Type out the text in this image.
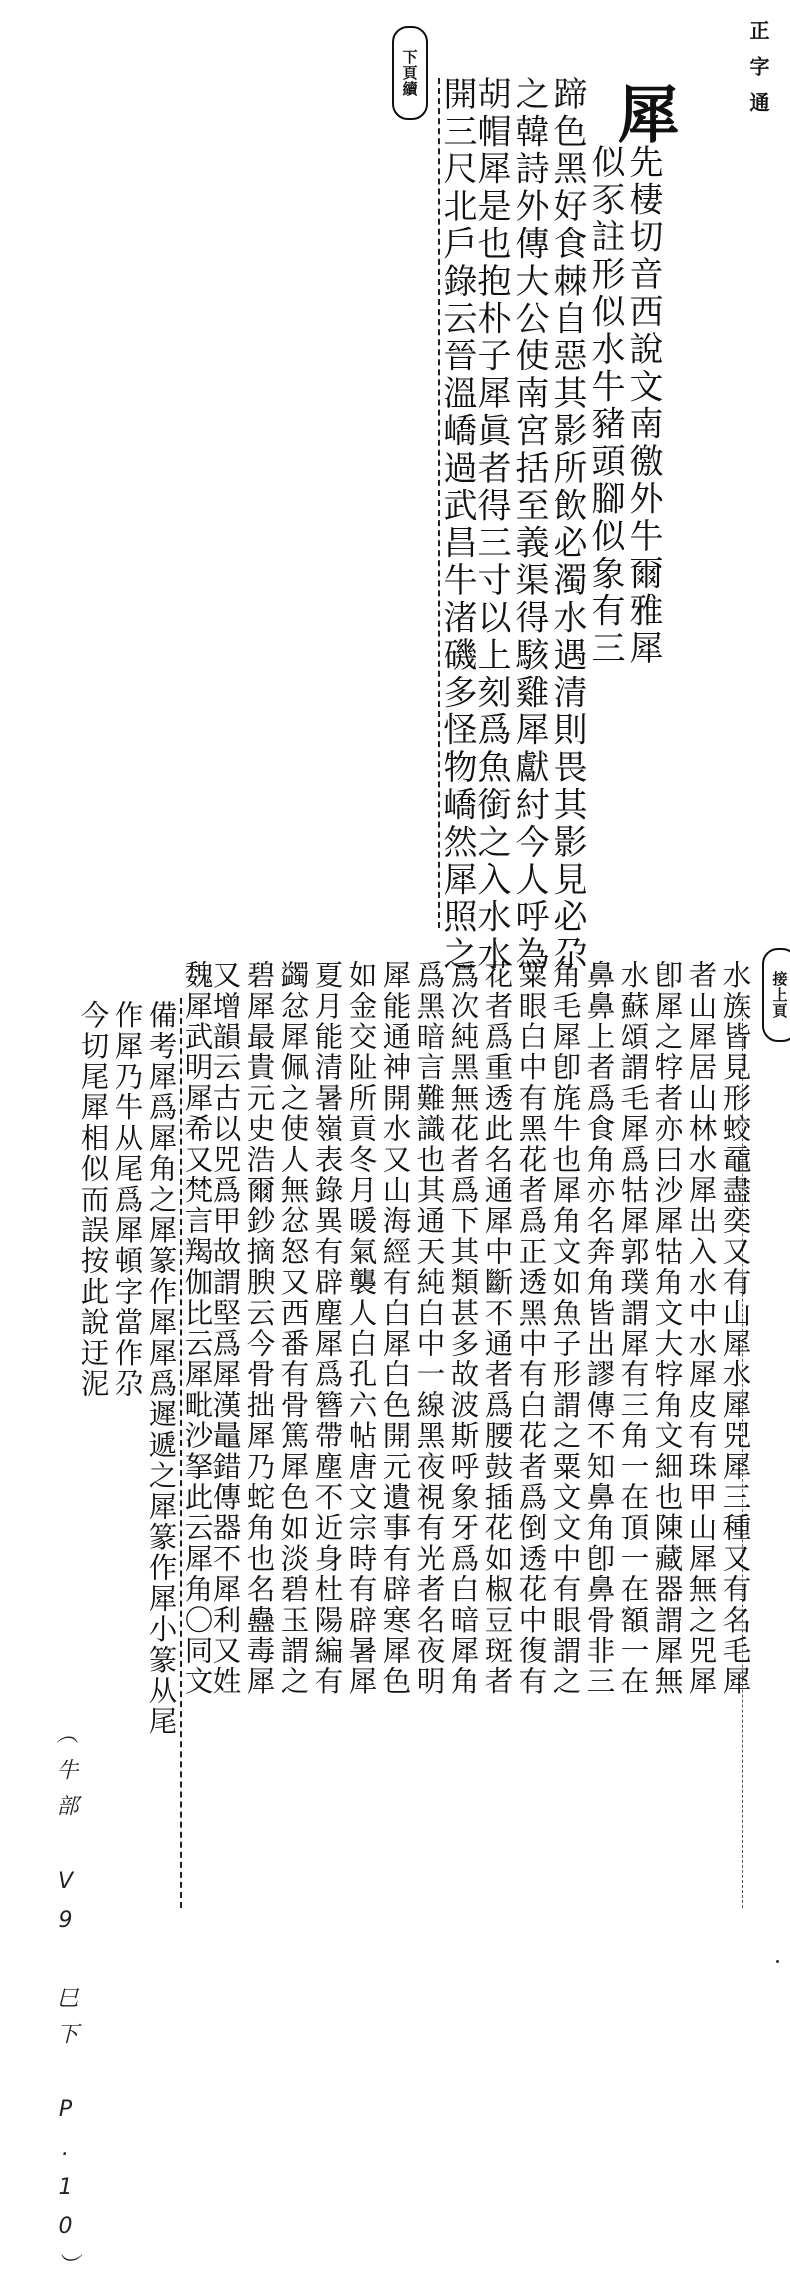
正字通
下頁續
接上頁
犀
先棲切音西說文南徼外牛爾雅犀
似豕註形似水牛豬頭腳似象有三
蹄色黑好食棘自惡其影所飲必濁水遇清則畏其影見必尕
之韓詩外傳大公使南宮括至義渠得駭雞犀獻紂今人呼為
胡帽犀是也抱朴子犀眞者得三寸以上刻爲魚銜之入水水
開三尺北戶錄云晉溫嶠過武昌牛渚磯多怪物嶠然犀照之
水族皆見形蛟黿盡奕又有山犀水犀兕犀三種又有名毛犀
者山犀居山林水犀出入水中水犀皮有珠甲山犀無之兕犀
卽犀之牸者亦曰沙犀牯角文大牸角文細也陳藏器謂犀無
水蘇頌謂毛犀爲牯犀郭璞謂犀有三角一在頂一在額一在
鼻鼻上者爲食角亦名奔角皆出謬傳不知鼻角卽鼻骨非三
角毛犀卽旄牛也犀角文如魚子形謂之粟文文中有眼謂之
粟眼白中有黑花者爲正透黑中有白花者爲倒透花中復有
花者爲重透此名通犀中斷不通者爲腰鼓插花如椒豆斑者
爲次純黑無花者爲下其類甚多故波斯呼象牙爲白暗犀角
爲黑暗言難識也其通天純白中一線黑夜視有光者名夜明
犀能通神開水又山海經有白犀白色開元遺事有辟寒犀色
如金交阯所貢冬月暖氣襲人白孔六帖唐文宗時有辟暑犀
夏月能清暑嶺表錄異有辟塵犀爲簪帶塵不近身杜陽編有
蠲忿犀佩之使人無忿怒又西番有骨篤犀色如淡碧玉謂之
碧犀最貴元史浩爾鈔摘腴云今骨拙犀乃蛇角也名蠱毒犀
又增韻云古以兕爲甲故謂堅爲犀漢鼂錯傳器不犀利又姓
魏犀武明犀希又梵言羯伽比云犀毗沙拏此云犀角〇同文
備考犀爲犀角之犀篆作犀犀爲遲遞之犀篆作犀小篆从尾
作犀乃牛从尾爲犀頓字當作尕
今切尾犀相似而誤按此說迂泥
（牛部 V9 巳下 P.10）
